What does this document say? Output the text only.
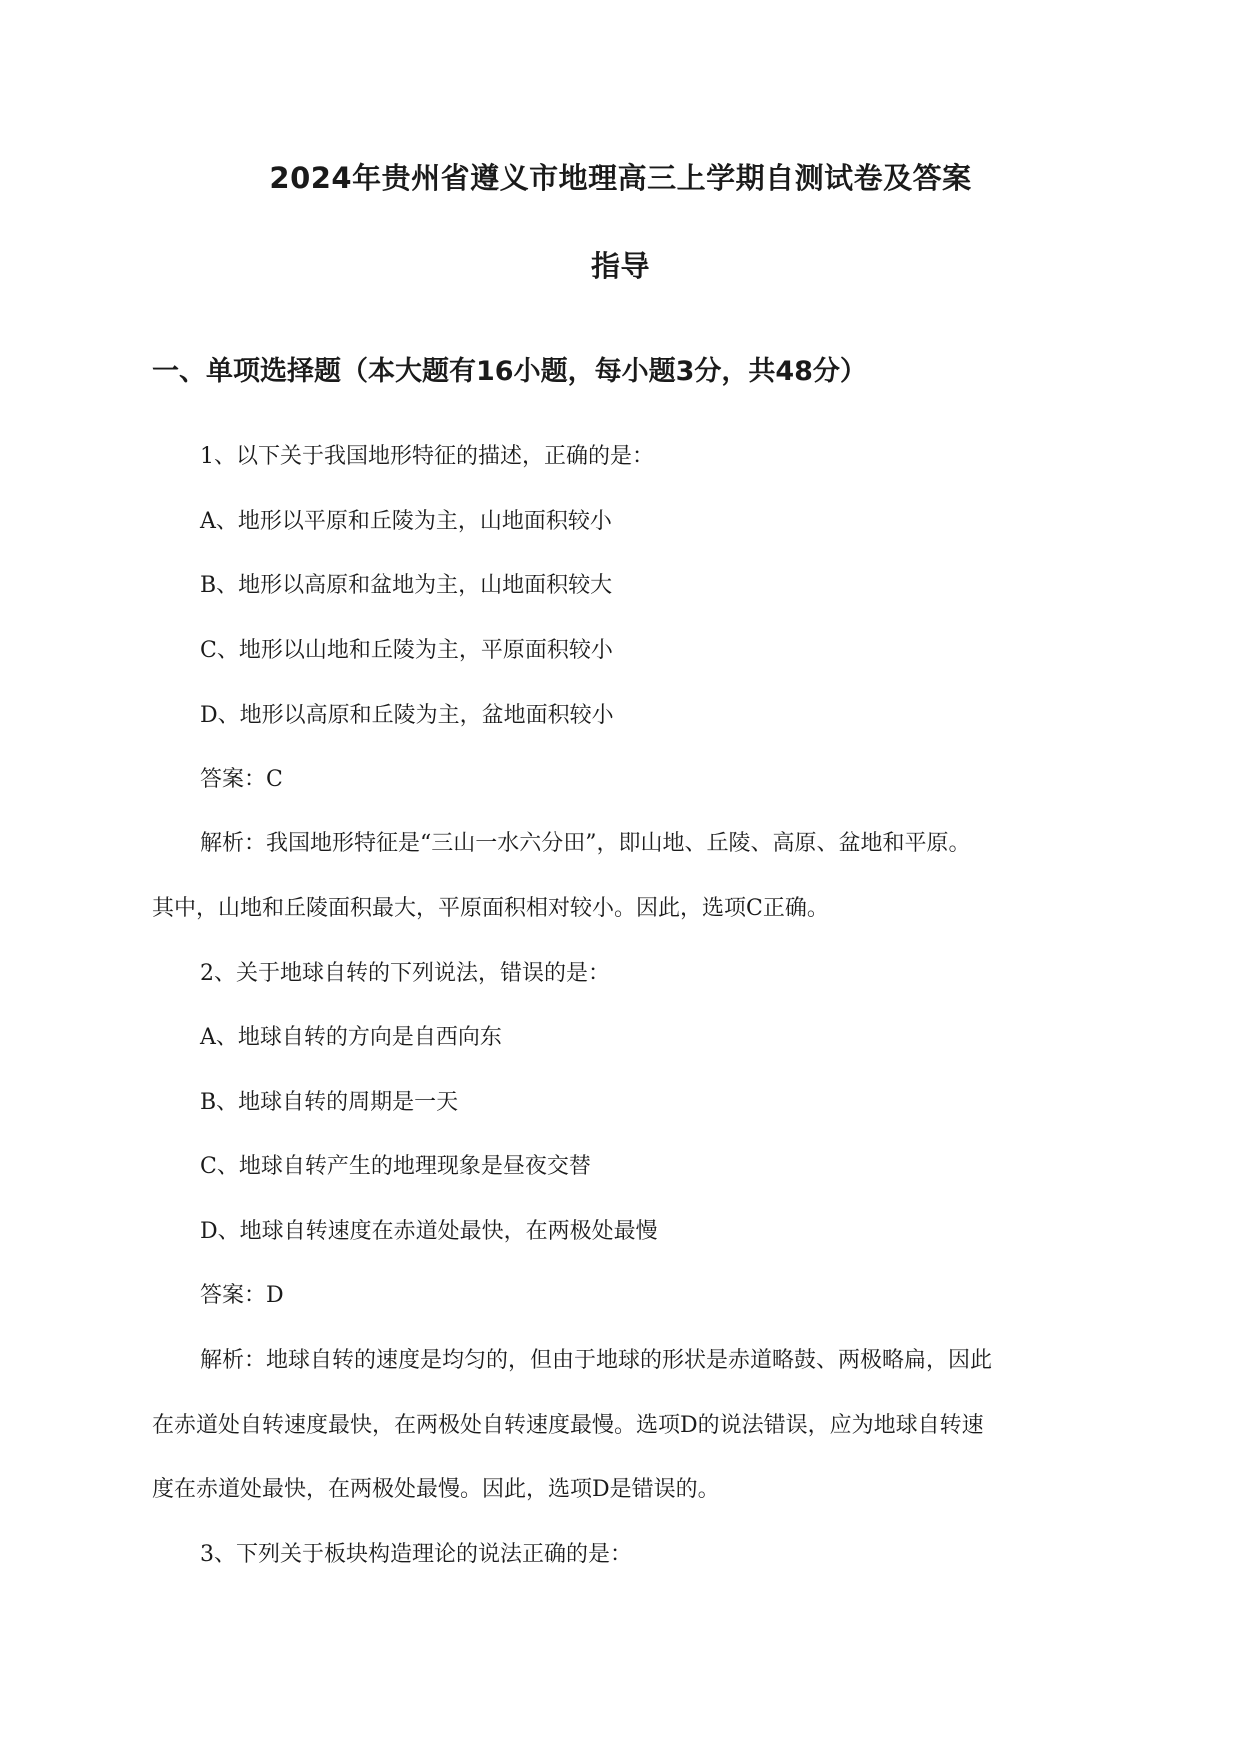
2024年贵州省遵义市地理高三上学期自测试卷及答案
指导
一、单项选择题（本大题有16小题，每小题3分，共48分）
1、以下关于我国地形特征的描述，正确的是：
A、地形以平原和丘陵为主，山地面积较小
B、地形以高原和盆地为主，山地面积较大
C、地形以山地和丘陵为主，平原面积较小
D、地形以高原和丘陵为主，盆地面积较小
答案：C
解析：我国地形特征是“三山一水六分田”，即山地、丘陵、高原、盆地和平原。
其中，山地和丘陵面积最大，平原面积相对较小。因此，选项C正确。
2、关于地球自转的下列说法，错误的是：
A、地球自转的方向是自西向东
B、地球自转的周期是一天
C、地球自转产生的地理现象是昼夜交替
D、地球自转速度在赤道处最快，在两极处最慢
答案：D
解析：地球自转的速度是均匀的，但由于地球的形状是赤道略鼓、两极略扁，因此
在赤道处自转速度最快，在两极处自转速度最慢。选项D的说法错误，应为地球自转速
度在赤道处最快，在两极处最慢。因此，选项D是错误的。
3、下列关于板块构造理论的说法正确的是：
